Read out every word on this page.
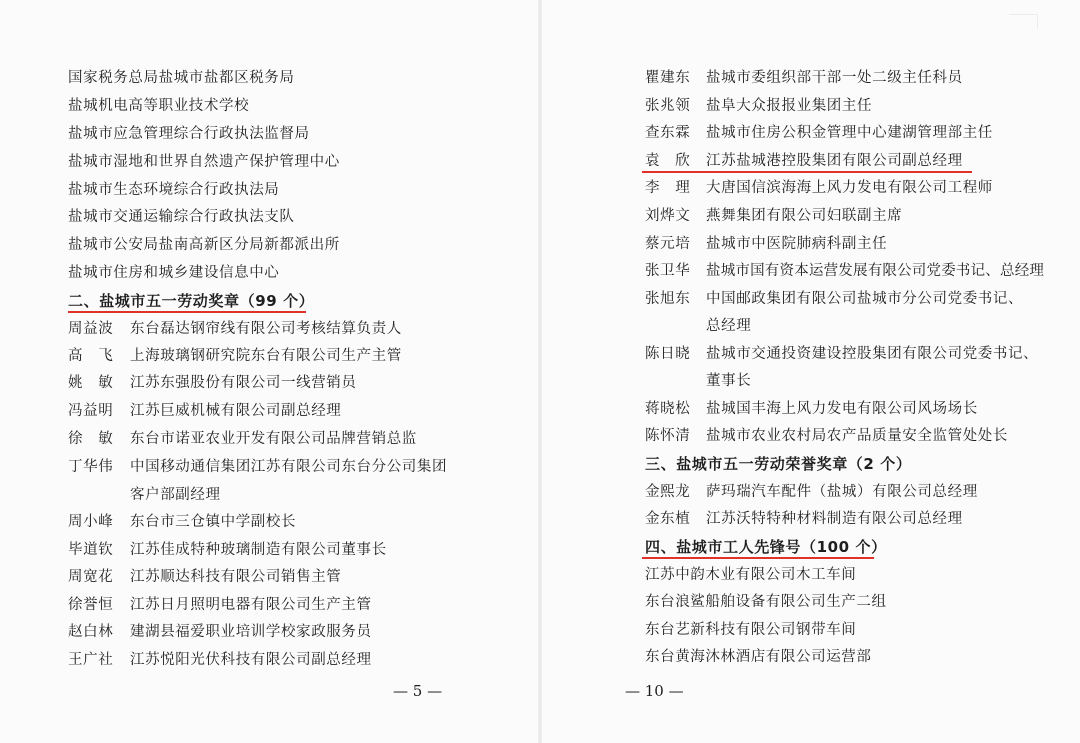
国家税务总局盐城市盐都区税务局
盐城机电高等职业技术学校
盐城市应急管理综合行政执法监督局
盐城市湿地和世界自然遗产保护管理中心
盐城市生态环境综合行政执法局
盐城市交通运输综合行政执法支队
盐城市公安局盐南高新区分局新都派出所
盐城市住房和城乡建设信息中心
二、盐城市五一劳动奖章（99 个）
周益波 东台磊达钢帘线有限公司考核结算负责人
高　飞 上海玻璃钢研究院东台有限公司生产主管
姚　敏 江苏东强股份有限公司一线营销员
冯益明 江苏巨威机械有限公司副总经理
徐　敏 东台市诺亚农业开发有限公司品牌营销总监
丁华伟 中国移动通信集团江苏有限公司东台分公司集团
客户部副经理
周小峰 东台市三仓镇中学副校长
毕道钦 江苏佳成特种玻璃制造有限公司董事长
周宽花 江苏顺达科技有限公司销售主管
徐誉恒 江苏日月照明电器有限公司生产主管
赵白林 建湖县福爱职业培训学校家政服务员
王广社 江苏悦阳光伏科技有限公司副总经理
— 5 —
瞿建东 盐城市委组织部干部一处二级主任科员
张兆领 盐阜大众报报业集团主任
查东霖 盐城市住房公积金管理中心建湖管理部主任
袁　欣 江苏盐城港控股集团有限公司副总经理
李　理 大唐国信滨海海上风力发电有限公司工程师
刘烨文 燕舞集团有限公司妇联副主席
蔡元培 盐城市中医院肺病科副主任
张卫华 盐城市国有资本运营发展有限公司党委书记、总经理
张旭东 中国邮政集团有限公司盐城市分公司党委书记、
总经理
陈日晓 盐城市交通投资建设控股集团有限公司党委书记、
董事长
蒋晓松 盐城国丰海上风力发电有限公司风场场长
陈怀清 盐城市农业农村局农产品质量安全监管处处长
三、盐城市五一劳动荣誉奖章（2 个）
金熙龙 萨玛瑞汽车配件（盐城）有限公司总经理
金东植 江苏沃特特种材料制造有限公司总经理
四、盐城市工人先锋号（100 个）
江苏中韵木业有限公司木工车间
东台浪鲨船舶设备有限公司生产二组
东台艺新科技有限公司钢带车间
东台黄海沐林酒店有限公司运营部
— 10 —
